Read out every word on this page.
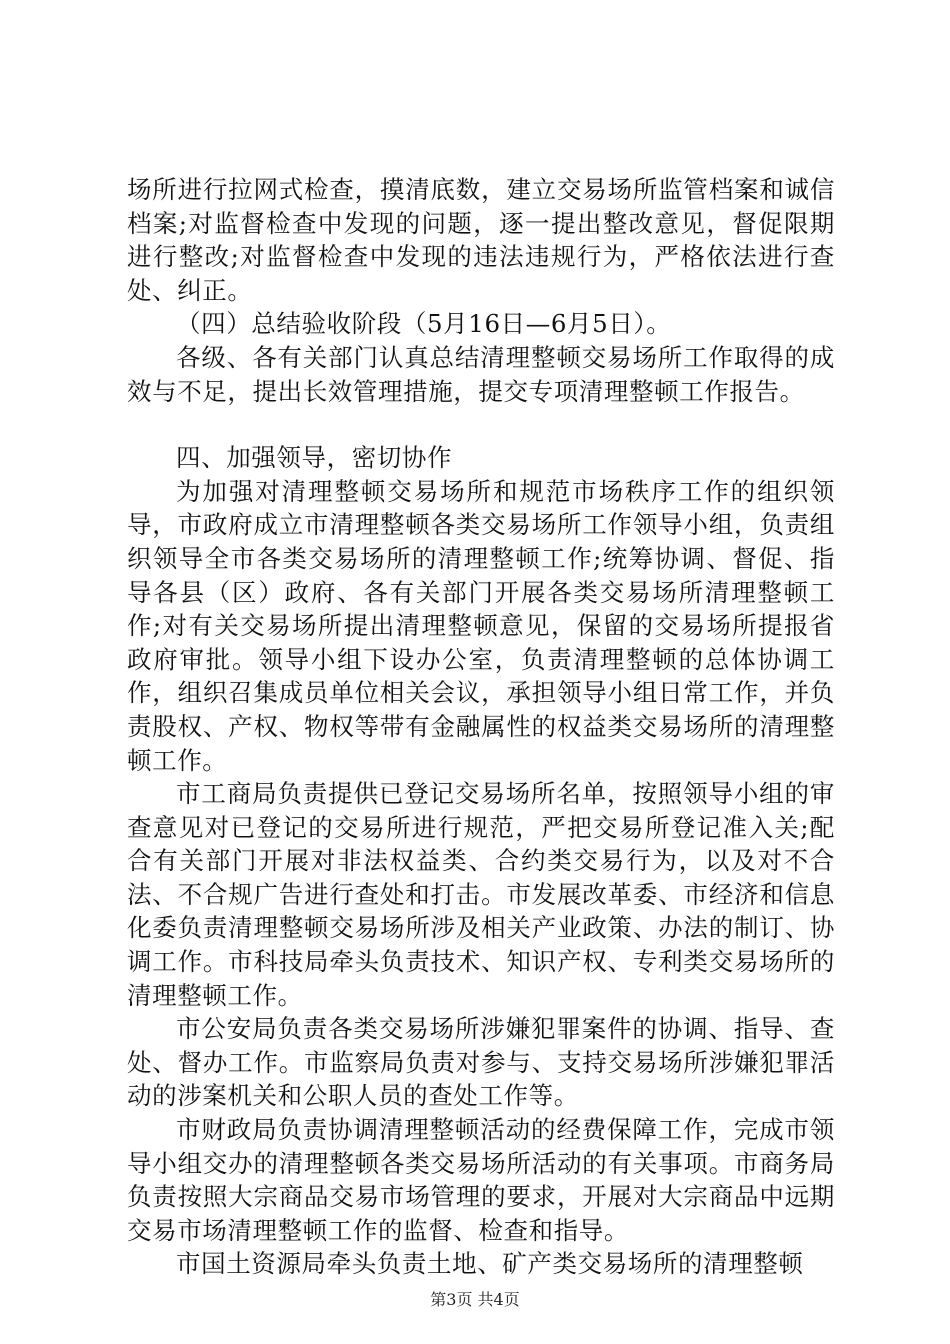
场所进行拉网式检查，摸清底数，建立交易场所监管档案和诚信档案;对监督检查中发现的问题，逐一提出整改意见，督促限期进行整改;对监督检查中发现的违法违规行为，严格依法进行查处、纠正。

（四）总结验收阶段（5月16日—6月5日）。

各级、各有关部门认真总结清理整顿交易场所工作取得的成效与不足，提出长效管理措施，提交专项清理整顿工作报告。

四、加强领导，密切协作

为加强对清理整顿交易场所和规范市场秩序工作的组织领导，市政府成立市清理整顿各类交易场所工作领导小组，负责组织领导全市各类交易场所的清理整顿工作;统筹协调、督促、指导各县（区）政府、各有关部门开展各类交易场所清理整顿工作;对有关交易场所提出清理整顿意见，保留的交易场所提报省政府审批。领导小组下设办公室，负责清理整顿的总体协调工作，组织召集成员单位相关会议，承担领导小组日常工作，并负责股权、产权、物权等带有金融属性的权益类交易场所的清理整顿工作。

市工商局负责提供已登记交易场所名单，按照领导小组的审查意见对已登记的交易所进行规范，严把交易所登记准入关;配合有关部门开展对非法权益类、合约类交易行为，以及对不合法、不合规广告进行查处和打击。市发展改革委、市经济和信息化委负责清理整顿交易场所涉及相关产业政策、办法的制订、协调工作。市科技局牵头负责技术、知识产权、专利类交易场所的清理整顿工作。

市公安局负责各类交易场所涉嫌犯罪案件的协调、指导、查处、督办工作。市监察局负责对参与、支持交易场所涉嫌犯罪活动的涉案机关和公职人员的查处工作等。

市财政局负责协调清理整顿活动的经费保障工作，完成市领导小组交办的清理整顿各类交易场所活动的有关事项。市商务局负责按照大宗商品交易市场管理的要求，开展对大宗商品中远期交易市场清理整顿工作的监督、检查和指导。

市国土资源局牵头负责土地、矿产类交易场所的清理整顿

第3页 共4页
